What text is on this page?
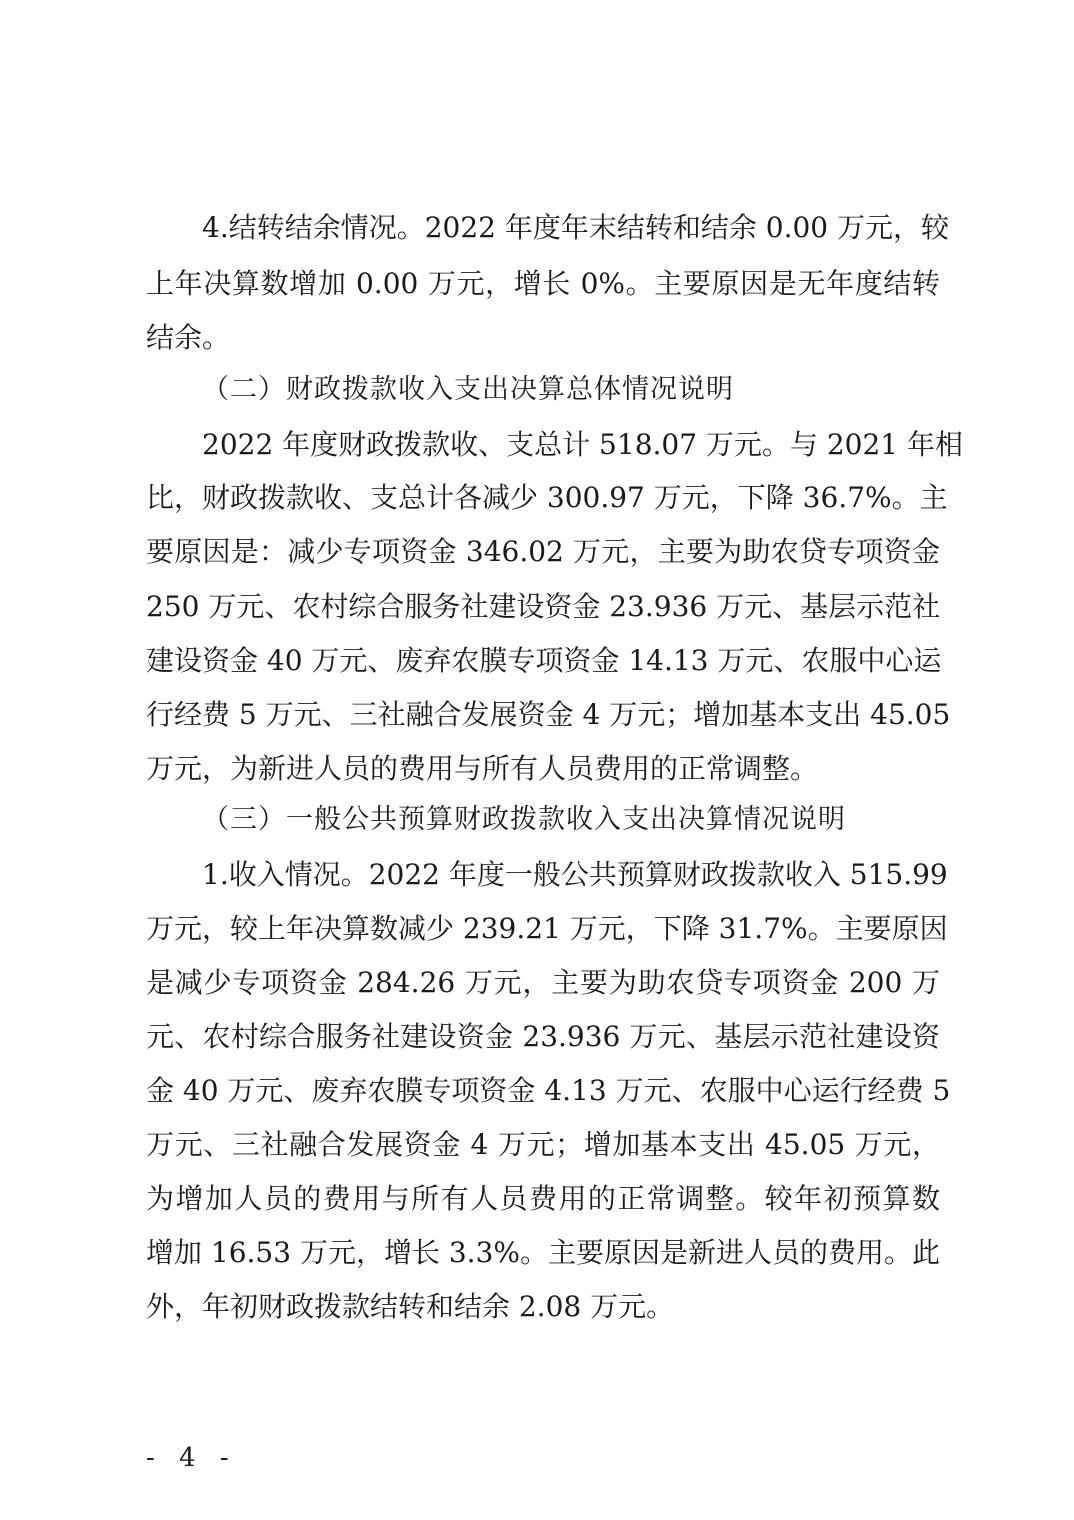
4.结转结余情况。2022 年度年末结转和结余 0.00 万元，较
上年决算数增加 0.00 万元，增长 0%。主要原因是无年度结转
结余。
（二）财政拨款收入支出决算总体情况说明
2022 年度财政拨款收、支总计 518.07 万元。与 2021 年相
比，财政拨款收、支总计各减少 300.97 万元，下降 36.7%。主
要原因是：减少专项资金 346.02 万元，主要为助农贷专项资金
250 万元、农村综合服务社建设资金 23.936 万元、基层示范社
建设资金 40 万元、废弃农膜专项资金 14.13 万元、农服中心运
行经费 5 万元、三社融合发展资金 4 万元；增加基本支出 45.05
万元，为新进人员的费用与所有人员费用的正常调整。
（三）一般公共预算财政拨款收入支出决算情况说明
1.收入情况。2022 年度一般公共预算财政拨款收入 515.99
万元，较上年决算数减少 239.21 万元，下降 31.7%。主要原因
是减少专项资金 284.26 万元，主要为助农贷专项资金 200 万
元、农村综合服务社建设资金 23.936 万元、基层示范社建设资
金 40 万元、废弃农膜专项资金 4.13 万元、农服中心运行经费 5
万元、三社融合发展资金 4 万元；增加基本支出 45.05 万元，
为增加人员的费用与所有人员费用的正常调整。较年初预算数
增加 16.53 万元，增长 3.3%。主要原因是新进人员的费用。此
外，年初财政拨款结转和结余 2.08 万元。
- 4 -
